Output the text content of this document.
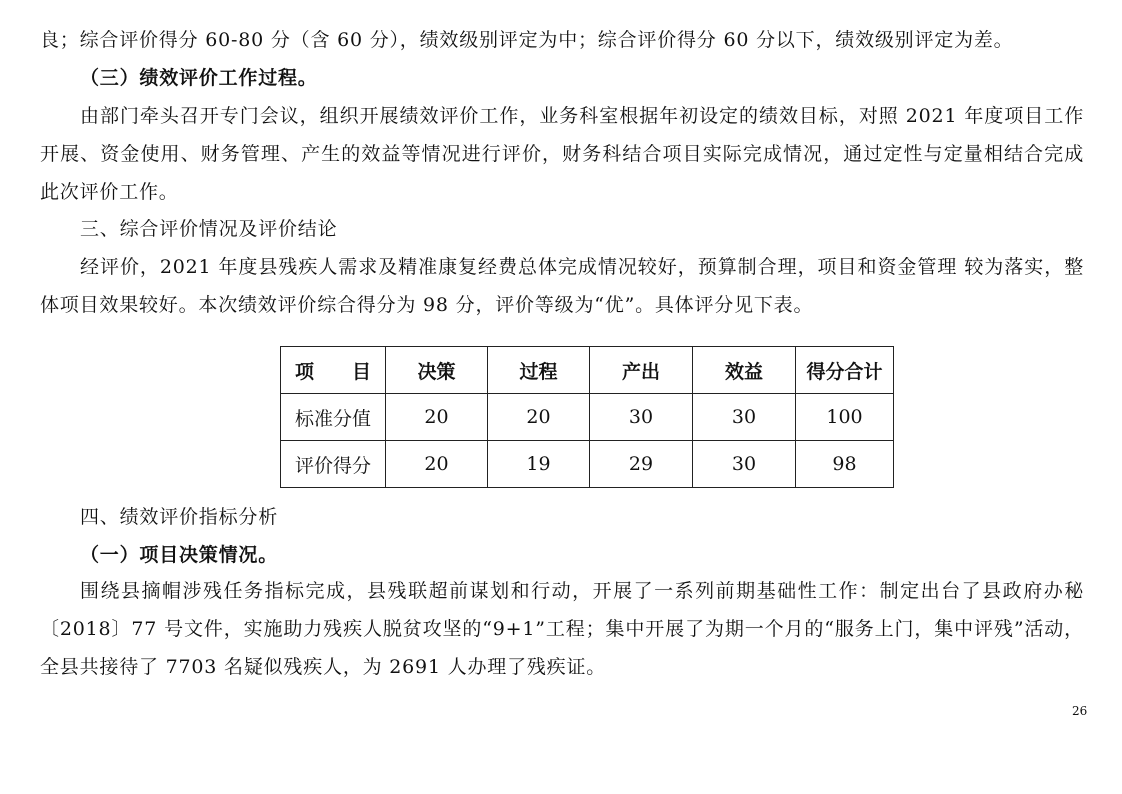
良；综合评价得分 60-80 分（含 60 分），绩效级别评定为中；综合评价得分 60 分以下，绩效级别评定为差。

（三）绩效评价工作过程。

由部门牵头召开专门会议，组织开展绩效评价工作，业务科室根据年初设定的绩效目标，对照 2021 年度项目工作开展、资金使用、财务管理、产生的效益等情况进行评价，财务科结合项目实际完成情况，通过定性与定量相结合完成此次评价工作。

三、综合评价情况及评价结论

经评价，2021 年度县残疾人需求及精准康复经费总体完成情况较好，预算制合理，项目和资金管理 较为落实，整体项目效果较好。本次绩效评价综合得分为 98 分，评价等级为“优”。具体评分见下表。

项　　目	决策	过程	产出	效益	得分合计
标准分值	20	20	30	30	100
评价得分	20	19	29	30	98

四、绩效评价指标分析

（一）项目决策情况。

围绕县摘帽涉残任务指标完成，县残联超前谋划和行动，开展了一系列前期基础性工作：制定出台了县政府办秘〔2018〕77 号文件，实施助力残疾人脱贫攻坚的“9+1”工程；集中开展了为期一个月的“服务上门，集中评残”活动，全县共接待了 7703 名疑似残疾人，为 2691 人办理了残疾证。

26
